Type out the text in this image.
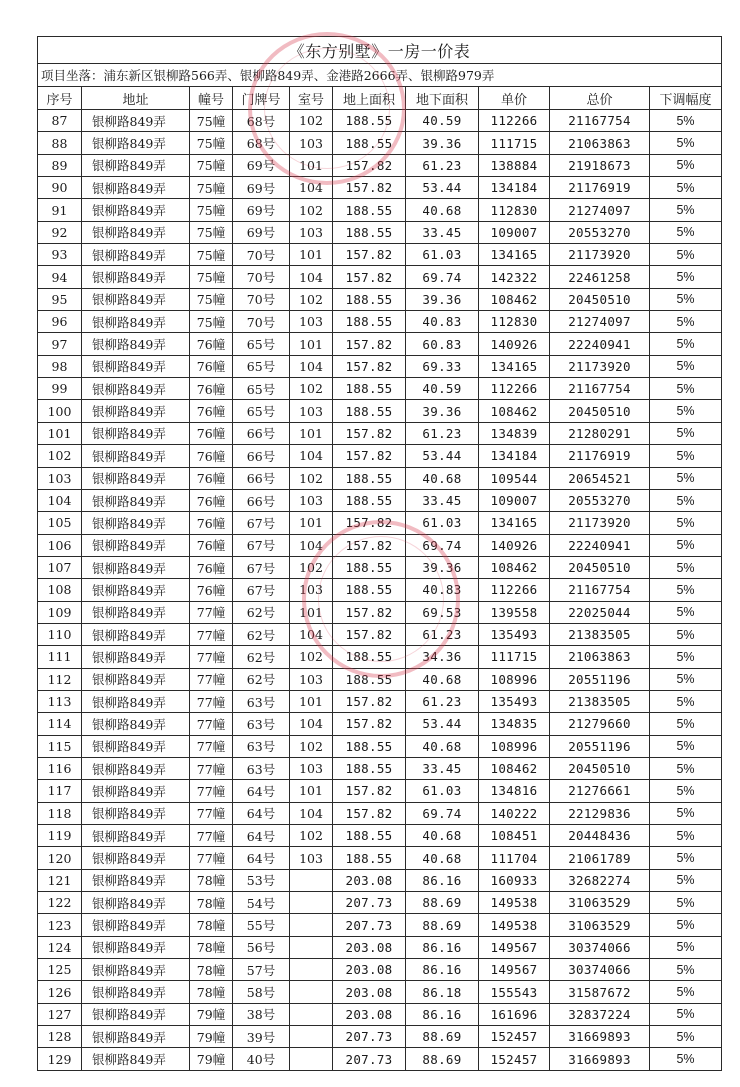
《东方别墅》一房一价表									
项目坐落：浦东新区银柳路566弄、银柳路849弄、金港路2666弄、银柳路979弄									
序号	地址	幢号	门牌号	室号	地上面积	地下面积	单价	总价	下调幅度
87	银柳路849弄	75幢	68号	102	188.55	40.59	112266	21167754	5%
88	银柳路849弄	75幢	68号	103	188.55	39.36	111715	21063863	5%
89	银柳路849弄	75幢	69号	101	157.82	61.23	138884	21918673	5%
90	银柳路849弄	75幢	69号	104	157.82	53.44	134184	21176919	5%
91	银柳路849弄	75幢	69号	102	188.55	40.68	112830	21274097	5%
92	银柳路849弄	75幢	69号	103	188.55	33.45	109007	20553270	5%
93	银柳路849弄	75幢	70号	101	157.82	61.03	134165	21173920	5%
94	银柳路849弄	75幢	70号	104	157.82	69.74	142322	22461258	5%
95	银柳路849弄	75幢	70号	102	188.55	39.36	108462	20450510	5%
96	银柳路849弄	75幢	70号	103	188.55	40.83	112830	21274097	5%
97	银柳路849弄	76幢	65号	101	157.82	60.83	140926	22240941	5%
98	银柳路849弄	76幢	65号	104	157.82	69.33	134165	21173920	5%
99	银柳路849弄	76幢	65号	102	188.55	40.59	112266	21167754	5%
100	银柳路849弄	76幢	65号	103	188.55	39.36	108462	20450510	5%
101	银柳路849弄	76幢	66号	101	157.82	61.23	134839	21280291	5%
102	银柳路849弄	76幢	66号	104	157.82	53.44	134184	21176919	5%
103	银柳路849弄	76幢	66号	102	188.55	40.68	109544	20654521	5%
104	银柳路849弄	76幢	66号	103	188.55	33.45	109007	20553270	5%
105	银柳路849弄	76幢	67号	101	157.82	61.03	134165	21173920	5%
106	银柳路849弄	76幢	67号	104	157.82	69.74	140926	22240941	5%
107	银柳路849弄	76幢	67号	102	188.55	39.36	108462	20450510	5%
108	银柳路849弄	76幢	67号	103	188.55	40.83	112266	21167754	5%
109	银柳路849弄	77幢	62号	101	157.82	69.53	139558	22025044	5%
110	银柳路849弄	77幢	62号	104	157.82	61.23	135493	21383505	5%
111	银柳路849弄	77幢	62号	102	188.55	34.36	111715	21063863	5%
112	银柳路849弄	77幢	62号	103	188.55	40.68	108996	20551196	5%
113	银柳路849弄	77幢	63号	101	157.82	61.23	135493	21383505	5%
114	银柳路849弄	77幢	63号	104	157.82	53.44	134835	21279660	5%
115	银柳路849弄	77幢	63号	102	188.55	40.68	108996	20551196	5%
116	银柳路849弄	77幢	63号	103	188.55	33.45	108462	20450510	5%
117	银柳路849弄	77幢	64号	101	157.82	61.03	134816	21276661	5%
118	银柳路849弄	77幢	64号	104	157.82	69.74	140222	22129836	5%
119	银柳路849弄	77幢	64号	102	188.55	40.68	108451	20448436	5%
120	银柳路849弄	77幢	64号	103	188.55	40.68	111704	21061789	5%
121	银柳路849弄	78幢	53号		203.08	86.16	160933	32682274	5%
122	银柳路849弄	78幢	54号		207.73	88.69	149538	31063529	5%
123	银柳路849弄	78幢	55号		207.73	88.69	149538	31063529	5%
124	银柳路849弄	78幢	56号		203.08	86.16	149567	30374066	5%
125	银柳路849弄	78幢	57号		203.08	86.16	149567	30374066	5%
126	银柳路849弄	78幢	58号		203.08	86.18	155543	31587672	5%
127	银柳路849弄	79幢	38号		203.08	86.16	161696	32837224	5%
128	银柳路849弄	79幢	39号		207.73	88.69	152457	31669893	5%
129	银柳路849弄	79幢	40号		207.73	88.69	152457	31669893	5%
